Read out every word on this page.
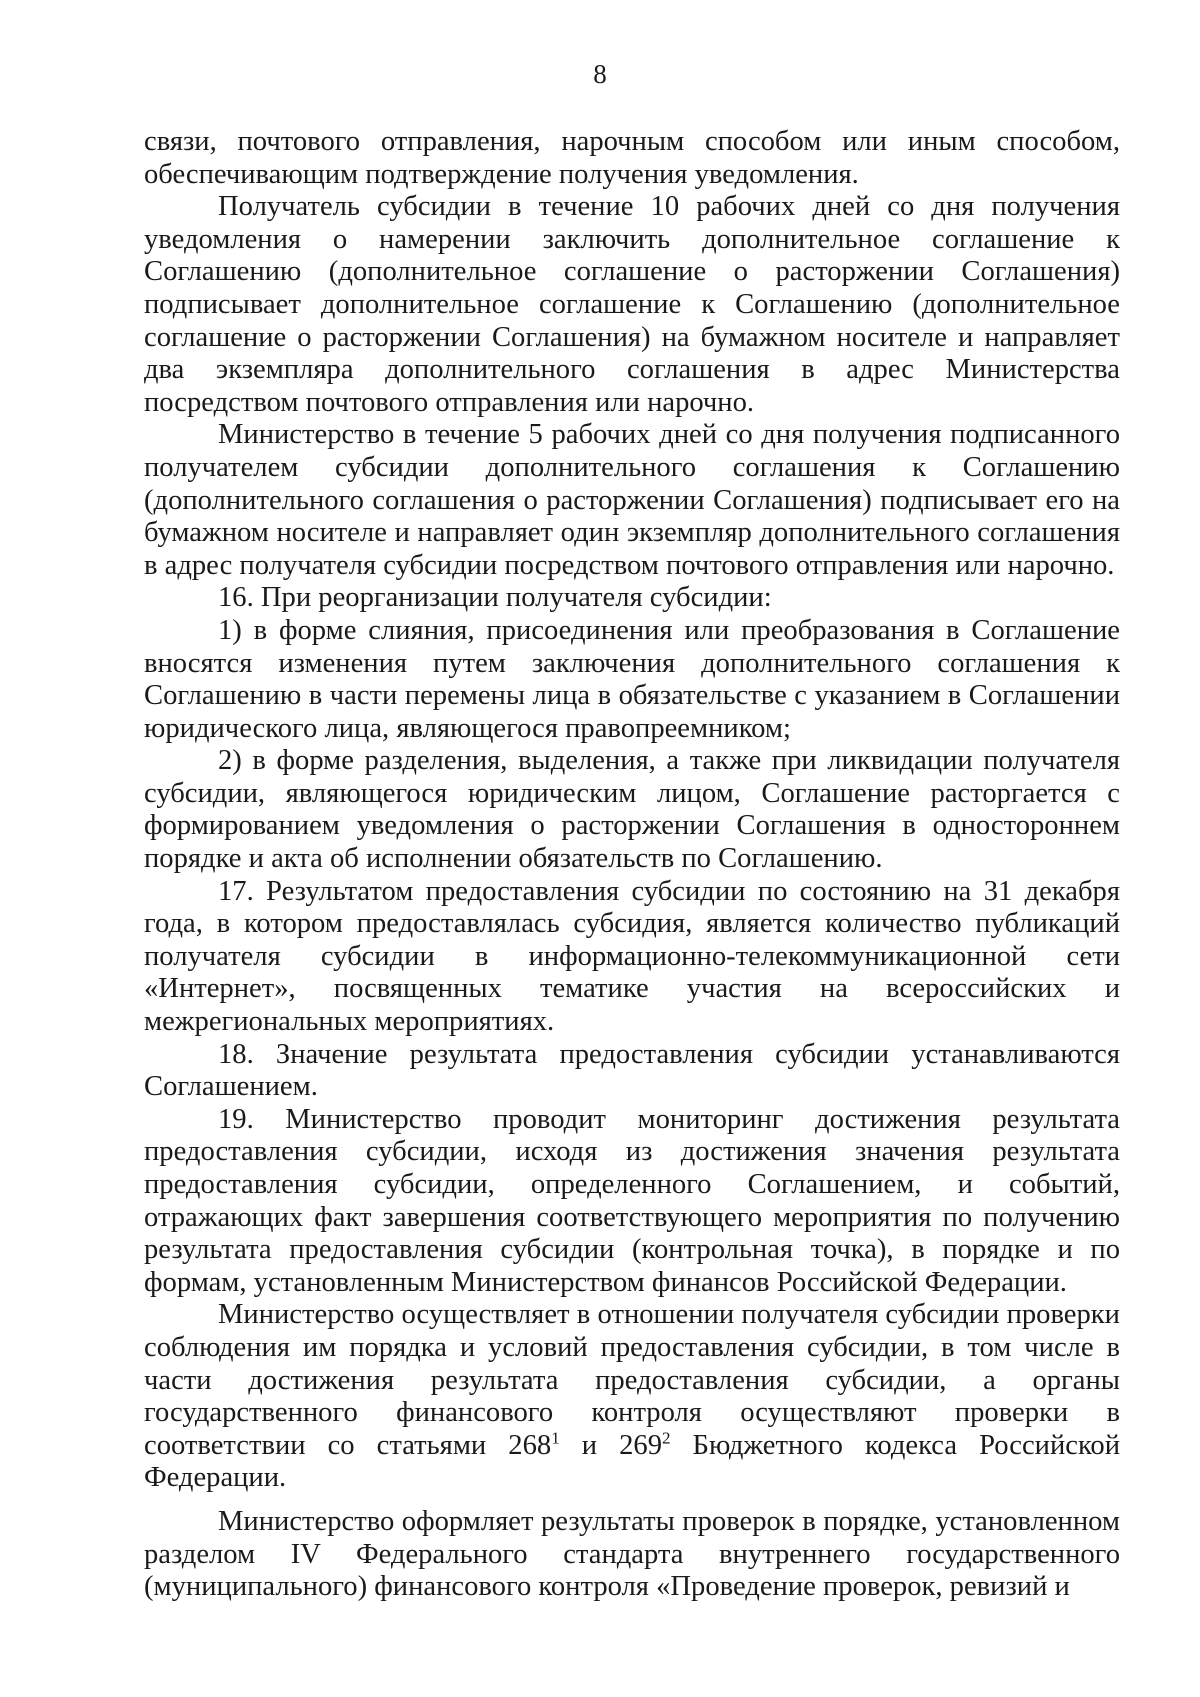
8

связи, почтового отправления, нарочным способом или иным способом, обеспечивающим подтверждение получения уведомления.

Получатель субсидии в течение 10 рабочих дней со дня получения уведомления о намерении заключить дополнительное соглашение к Соглашению (дополнительное соглашение о расторжении Соглашения) подписывает дополнительное соглашение к Соглашению (дополнительное соглашение о расторжении Соглашения) на бумажном носителе и направляет два экземпляра дополнительного соглашения в адрес Министерства посредством почтового отправления или нарочно.

Министерство в течение 5 рабочих дней со дня получения подписанного получателем субсидии дополнительного соглашения к Соглашению (дополнительного соглашения о расторжении Соглашения) подписывает его на бумажном носителе и направляет один экземпляр дополнительного соглашения в адрес получателя субсидии посредством почтового отправления или нарочно.

16. При реорганизации получателя субсидии:

1) в форме слияния, присоединения или преобразования в Соглашение вносятся изменения путем заключения дополнительного соглашения к Соглашению в части перемены лица в обязательстве с указанием в Соглашении юридического лица, являющегося правопреемником;

2) в форме разделения, выделения, а также при ликвидации получателя субсидии, являющегося юридическим лицом, Соглашение расторгается с формированием уведомления о расторжении Соглашения в одностороннем порядке и акта об исполнении обязательств по Соглашению.

17. Результатом предоставления субсидии по состоянию на 31 декабря года, в котором предоставлялась субсидия, является количество публикаций получателя субсидии в информационно-телекоммуникационной сети «Интернет», посвященных тематике участия на всероссийских и межрегиональных мероприятиях.

18. Значение результата предоставления субсидии устанавливаются Соглашением.

19. Министерство проводит мониторинг достижения результата предоставления субсидии, исходя из достижения значения результата предоставления субсидии, определенного Соглашением, и событий, отражающих факт завершения соответствующего мероприятия по получению результата предоставления субсидии (контрольная точка), в порядке и по формам, установленным Министерством финансов Российской Федерации.

Министерство осуществляет в отношении получателя субсидии проверки соблюдения им порядка и условий предоставления субсидии, в том числе в части достижения результата предоставления субсидии, а органы государственного финансового контроля осуществляют проверки в соответствии со статьями $268^1$ и $269^2$ Бюджетного кодекса Российской Федерации.

Министерство оформляет результаты проверок в порядке, установленном разделом IV Федерального стандарта внутреннего государственного (муниципального) финансового контроля «Проведение проверок, ревизий и
